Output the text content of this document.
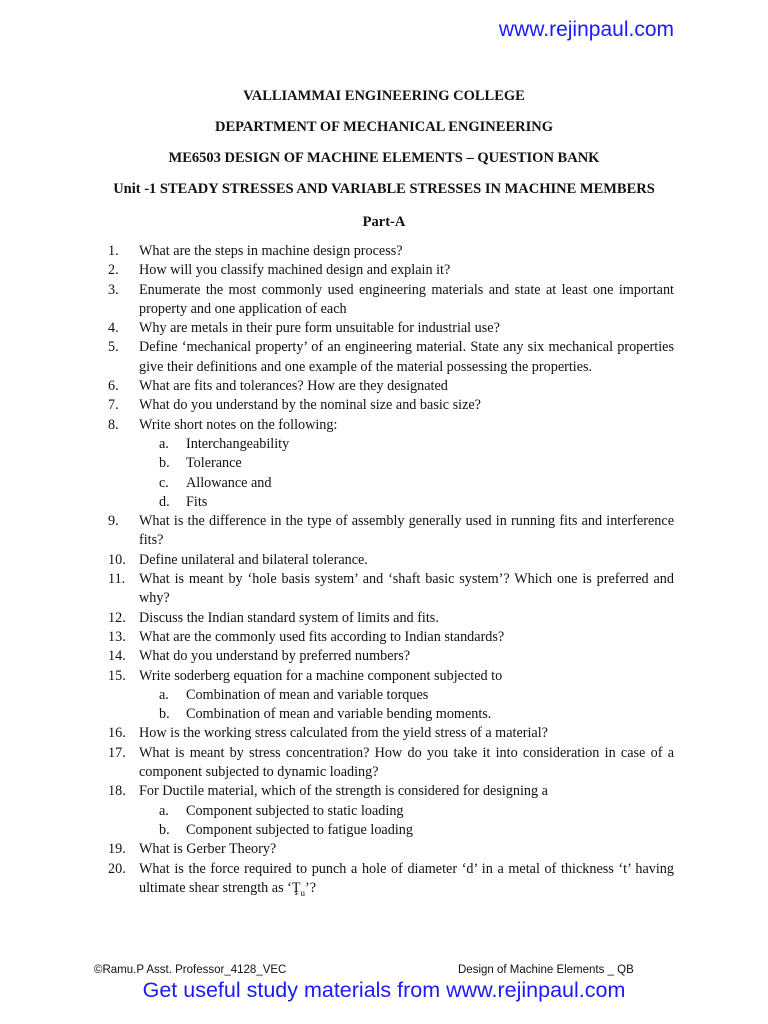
www.rejinpaul.com
VALLIAMMAI ENGINEERING COLLEGE
DEPARTMENT OF MECHANICAL ENGINEERING
ME6503 DESIGN OF MACHINE ELEMENTS – QUESTION BANK
Unit -1 STEADY STRESSES AND VARIABLE STRESSES IN MACHINE MEMBERS
Part-A
1.	What are the steps in machine design process?
2.	How will you classify machined design and explain it?
3.	Enumerate the most commonly used engineering materials and state at least one important property and one application of each
4.	Why are metals in their pure form unsuitable for industrial use?
5.	Define ‘mechanical property’ of an engineering material. State any six mechanical properties give their definitions and one example of the material possessing the properties.
6.	What are fits and tolerances? How are they designated
7.	What do you understand by the nominal size and basic size?
8.	Write short notes on the following:
a.	Interchangeability
b.	Tolerance
c.	Allowance and
d.	Fits
9.	What is the difference in the type of assembly generally used in running fits and interference fits?
10. Define unilateral and bilateral tolerance.
11. What is meant by ‘hole basis system’ and ‘shaft basic system’? Which one is preferred and why?
12. Discuss the Indian standard system of limits and fits.
13. What are the commonly used fits according to Indian standards?
14. What do you understand by preferred numbers?
15. Write soderberg equation for a machine component subjected to
a.	Combination of mean and variable torques
b.	Combination of mean and variable bending moments.
16. How is the working stress calculated from the yield stress of a material?
17. What is meant by stress concentration? How do you take it into consideration in case of a component subjected to dynamic loading?
18. For Ductile material, which of the strength is considered for designing a
a.	Component subjected to static loading
b.	Component subjected to fatigue loading
19. What is Gerber Theory?
20. What is the force required to punch a hole of diameter ‘d’ in a metal of thickness ‘t’ having ultimate shear strength as ‘$Ţ_u$’?
©Ramu.P Asst. Professor_4128_VEC	Design of Machine Elements _ QB
Get useful study materials from www.rejinpaul.com
